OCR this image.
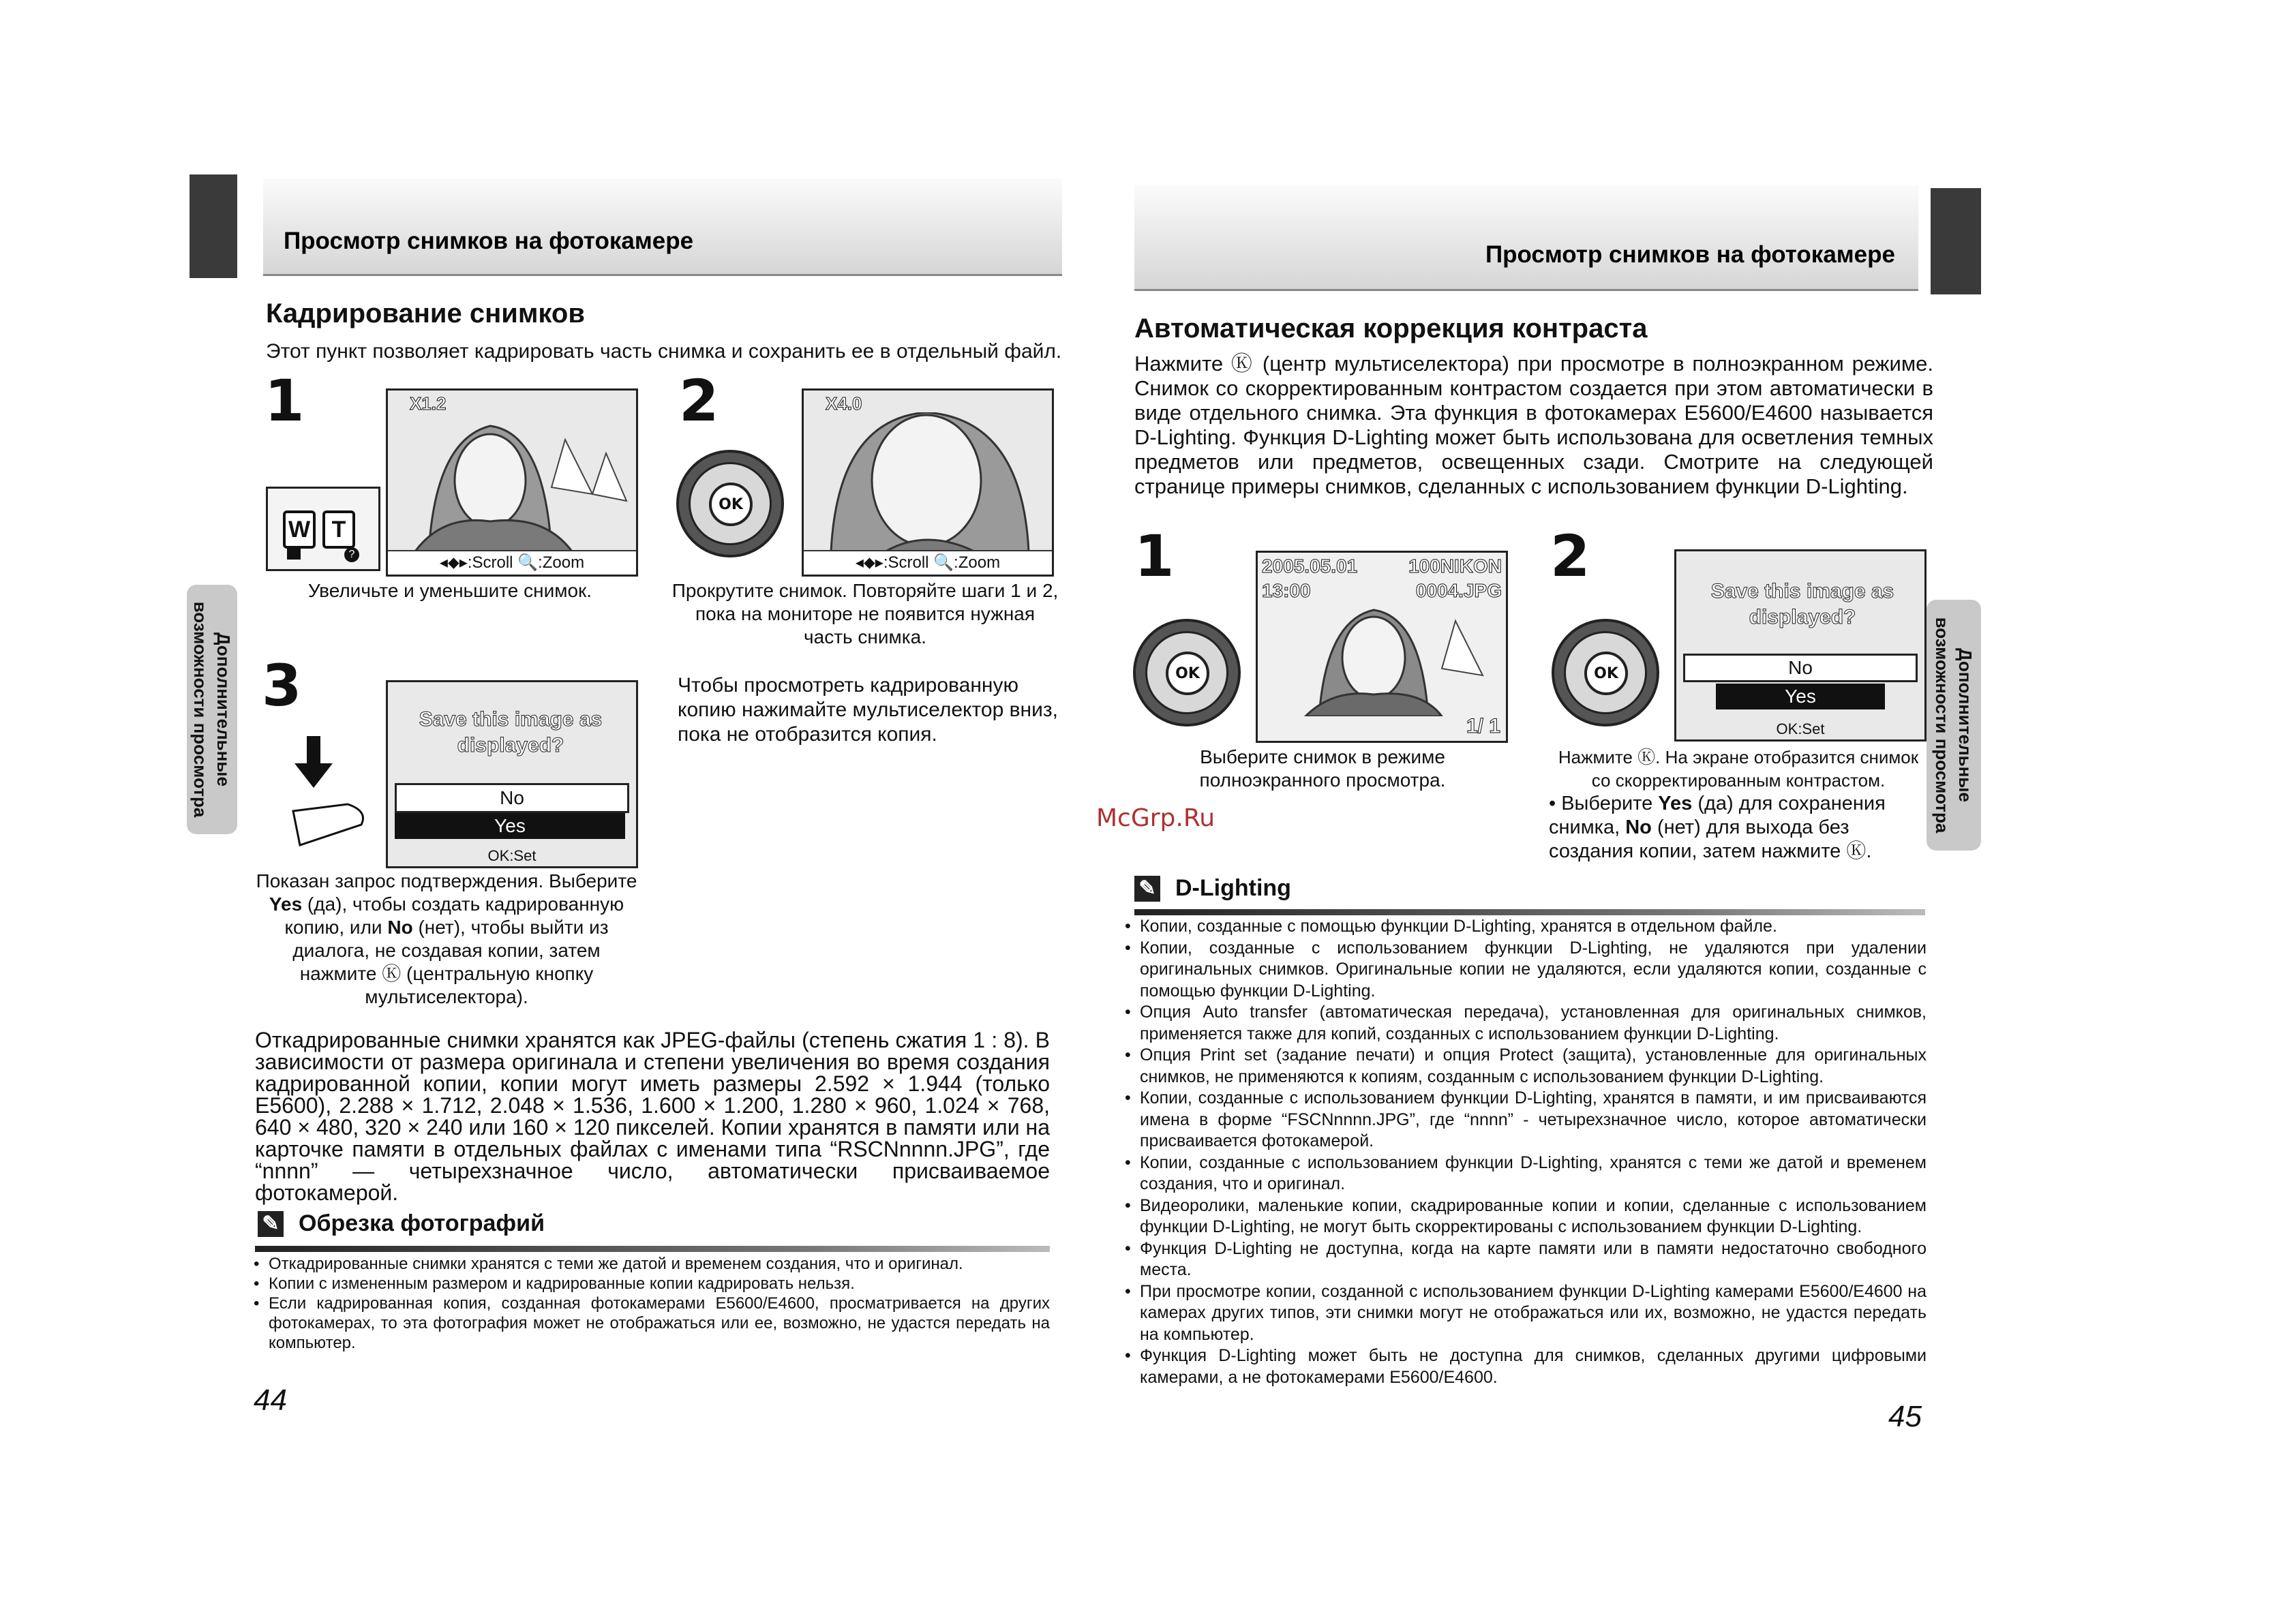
Просмотр снимков на фотокамере
Дополнительные возможности просмотра
Кадрирование снимков
Этот пункт позволяет кадрировать часть снимка и сохранить ее в отдельный файл.
1
W T
?
X1.2
◂⬥▸:Scroll 🔍:Zoom
Увеличьте и уменьшите снимок.
2
OK
X4.0
◂⬥▸:Scroll 🔍:Zoom
Прокрутите снимок. Повторяйте шаги 1 и 2, пока на мониторе не появится нужная часть снимка.
Чтобы просмотреть кадрированную копию нажимайте мультиселектор вниз, пока не отобразится копия.
3
Save this image as displayed?
No
Yes
OK:Set
Показан запрос подтверждения. Выберите Yes (да), чтобы создать кадрированную копию, или No (нет), чтобы выйти из диалога, не создавая копии, затем нажмите Ⓚ (центральную кнопку мультиселектора).
Откадрированные снимки хранятся как JPEG-файлы (степень сжатия 1 : 8). В зависимости от размера оригинала и степени увеличения во время создания кадрированной копии, копии могут иметь размеры 2.592 × 1.944 (только E5600), 2.288 × 1.712, 2.048 × 1.536, 1.600 × 1.200, 1.280 × 960, 1.024 × 768, 640 × 480, 320 × 240 или 160 × 120 пикселей. Копии хранятся в памяти или на карточке памяти в отдельных файлах с именами типа “RSCNnnnn.JPG”, где “nnnn” — четырехзначное число, автоматически присваиваемое фотокамерой.
✎ Обрезка фотографий
• Откадрированные снимки хранятся с теми же датой и временем создания, что и оригинал.
• Копии с измененным размером и кадрированные копии кадрировать нельзя.
• Если кадрированная копия, созданная фотокамерами E5600/E4600, просматривается на других фотокамерах, то эта фотография может не отображаться или ее, возможно, не удастся передать на компьютер.
44
Просмотр снимков на фотокамере
Дополнительные возможности просмотра
Автоматическая коррекция контраста
Нажмите Ⓚ (центр мультиселектора) при просмотре в полноэкранном режиме. Снимок со скорректированным контрастом создается при этом автоматически в виде отдельного снимка. Эта функция в фотокамерах E5600/E4600 называется D-Lighting. Функция D-Lighting может быть использована для осветления темных предметов или предметов, освещенных сзади. Смотрите на следующей странице примеры снимков, сделанных с использованием функции D-Lighting.
1
OK
2005.05.01
13:00
100NIKON
0004.JPG
1/ 1
Выберите снимок в режиме полноэкранного просмотра.
2
OK
Save this image as displayed?
No
Yes
OK:Set
Нажмите Ⓚ. На экране отобразится снимок со скорректированным контрастом.
• Выберите Yes (да) для сохранения снимка, No (нет) для выхода без создания копии, затем нажмите Ⓚ.
McGrp.Ru
✎ D-Lighting
• Копии, созданные с помощью функции D-Lighting, хранятся в отдельном файле.
• Копии, созданные с использованием функции D-Lighting, не удаляются при удалении оригинальных снимков. Оригинальные копии не удаляются, если удаляются копии, созданные с помощью функции D-Lighting.
• Опция Auto transfer (автоматическая передача), установленная для оригинальных снимков, применяется также для копий, созданных с использованием функции D-Lighting.
• Опция Print set (задание печати) и опция Protect (защита), установленные для оригинальных снимков, не применяются к копиям, созданным с использованием функции D-Lighting.
• Копии, созданные с использованием функции D-Lighting, хранятся в памяти, и им присваиваются имена в форме “FSCNnnnn.JPG”, где “nnnn” - четырехзначное число, которое автоматически присваивается фотокамерой.
• Копии, созданные с использованием функции D-Lighting, хранятся с теми же датой и временем создания, что и оригинал.
• Видеоролики, маленькие копии, скадрированные копии и копии, сделанные с использованием функции D-Lighting, не могут быть скорректированы с использованием функции D-Lighting.
• Функция D-Lighting не доступна, когда на карте памяти или в памяти недостаточно свободного места.
• При просмотре копии, созданной с использованием функции D-Lighting камерами E5600/E4600 на камерах других типов, эти снимки могут не отображаться или их, возможно, не удастся передать на компьютер.
• Функция D-Lighting может быть не доступна для снимков, сделанных другими цифровыми камерами, а не фотокамерами E5600/E4600.
45
